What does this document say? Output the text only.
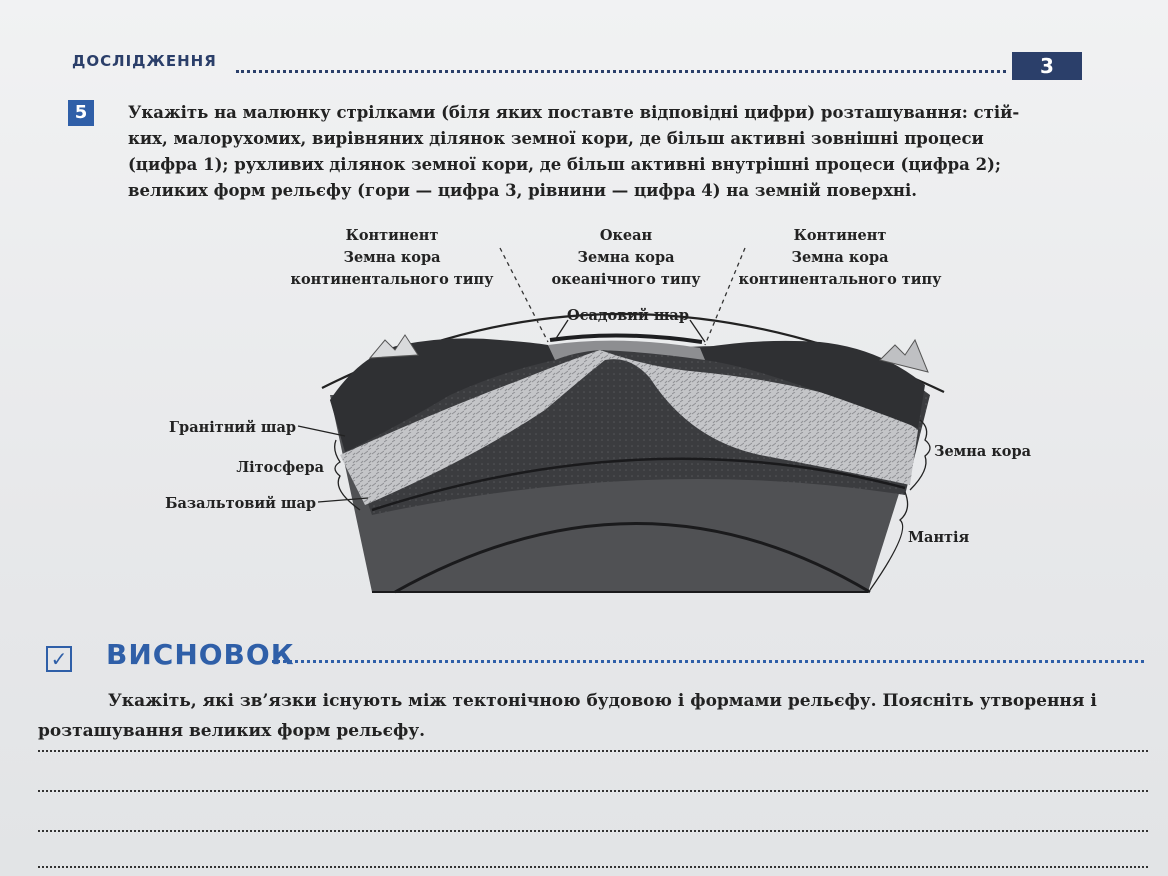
ДОСЛІДЖЕННЯ	3
5	Укажіть на малюнку стрілками (біля яких поставте відповідні цифри) розташування: стій-
ких, малорухомих, вирівняних ділянок земної кори, де більш активні зовнішні процеси
(цифра 1); рухливих ділянок земної кори, де більш активні внутрішні процеси (цифра 2);
великих форм рельєфу (гори — цифра 3, рівнини — цифра 4) на земній поверхні.
Континент
Земна кора
континентального типу
Океан
Земна кора
океанічного типу
Континент
Земна кора
континентального типу
Осадовий шар
Гранітний шар
Літосфера
Базальтовий шар
Земна кора
Мантія
✓ ВИСНОВОК
Укажіть, які зв’язки існують між тектонічною будовою і формами рельєфу. Поясніть утворення і розташування великих форм рельєфу.
